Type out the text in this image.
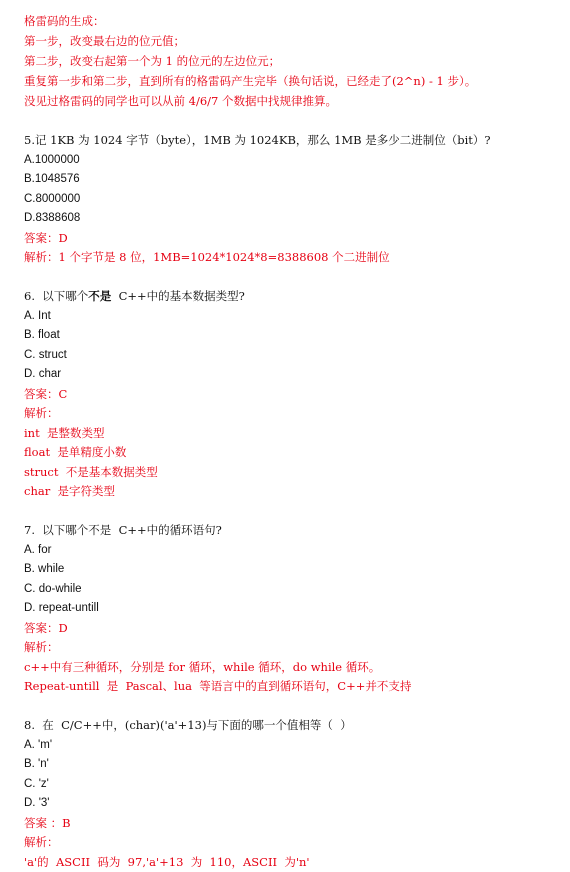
格雷码的生成：
第一步，改变最右边的位元值；
第二步，改变右起第一个为 1 的位元的左边位元；
重复第一步和第二步，直到所有的格雷码产生完毕（换句话说，已经走了(2^n) - 1 步）。
没见过格雷码的同学也可以从前 4/6/7 个数据中找规律推算。
5.记 1KB 为 1024 字节（byte），1MB 为 1024KB，那么 1MB 是多少二进制位（bit）?
A.1000000
B.1048576
C.8000000
D.8388608
答案：D
解析：1 个字节是 8 位，1MB=1024*1024*8=8388608 个二进制位
6.  以下哪个不是  C++中的基本数据类型?
A. Int
B. float
C. struct
D. char
答案：C
解析：
int  是整数类型
float  是单精度小数
struct  不是基本数据类型
char  是字符类型
7.  以下哪个不是  C++中的循环语句?
A. for
B. while
C. do-while
D. repeat-untill
答案：D
解析：
c++中有三种循环，分别是 for 循环，while 循环，do while 循环。
Repeat-untill  是  Pascal、lua  等语言中的直到循环语句，C++并不支持
8.  在  C/C++中，(char)('a'+13)与下面的哪一个值相等（  ）
A. 'm'
B. 'n'
C. 'z'
D. '3'
答案 ：B
解析：
'a'的  ASCII  码为  97,'a'+13  为  110，ASCII  为'n'
